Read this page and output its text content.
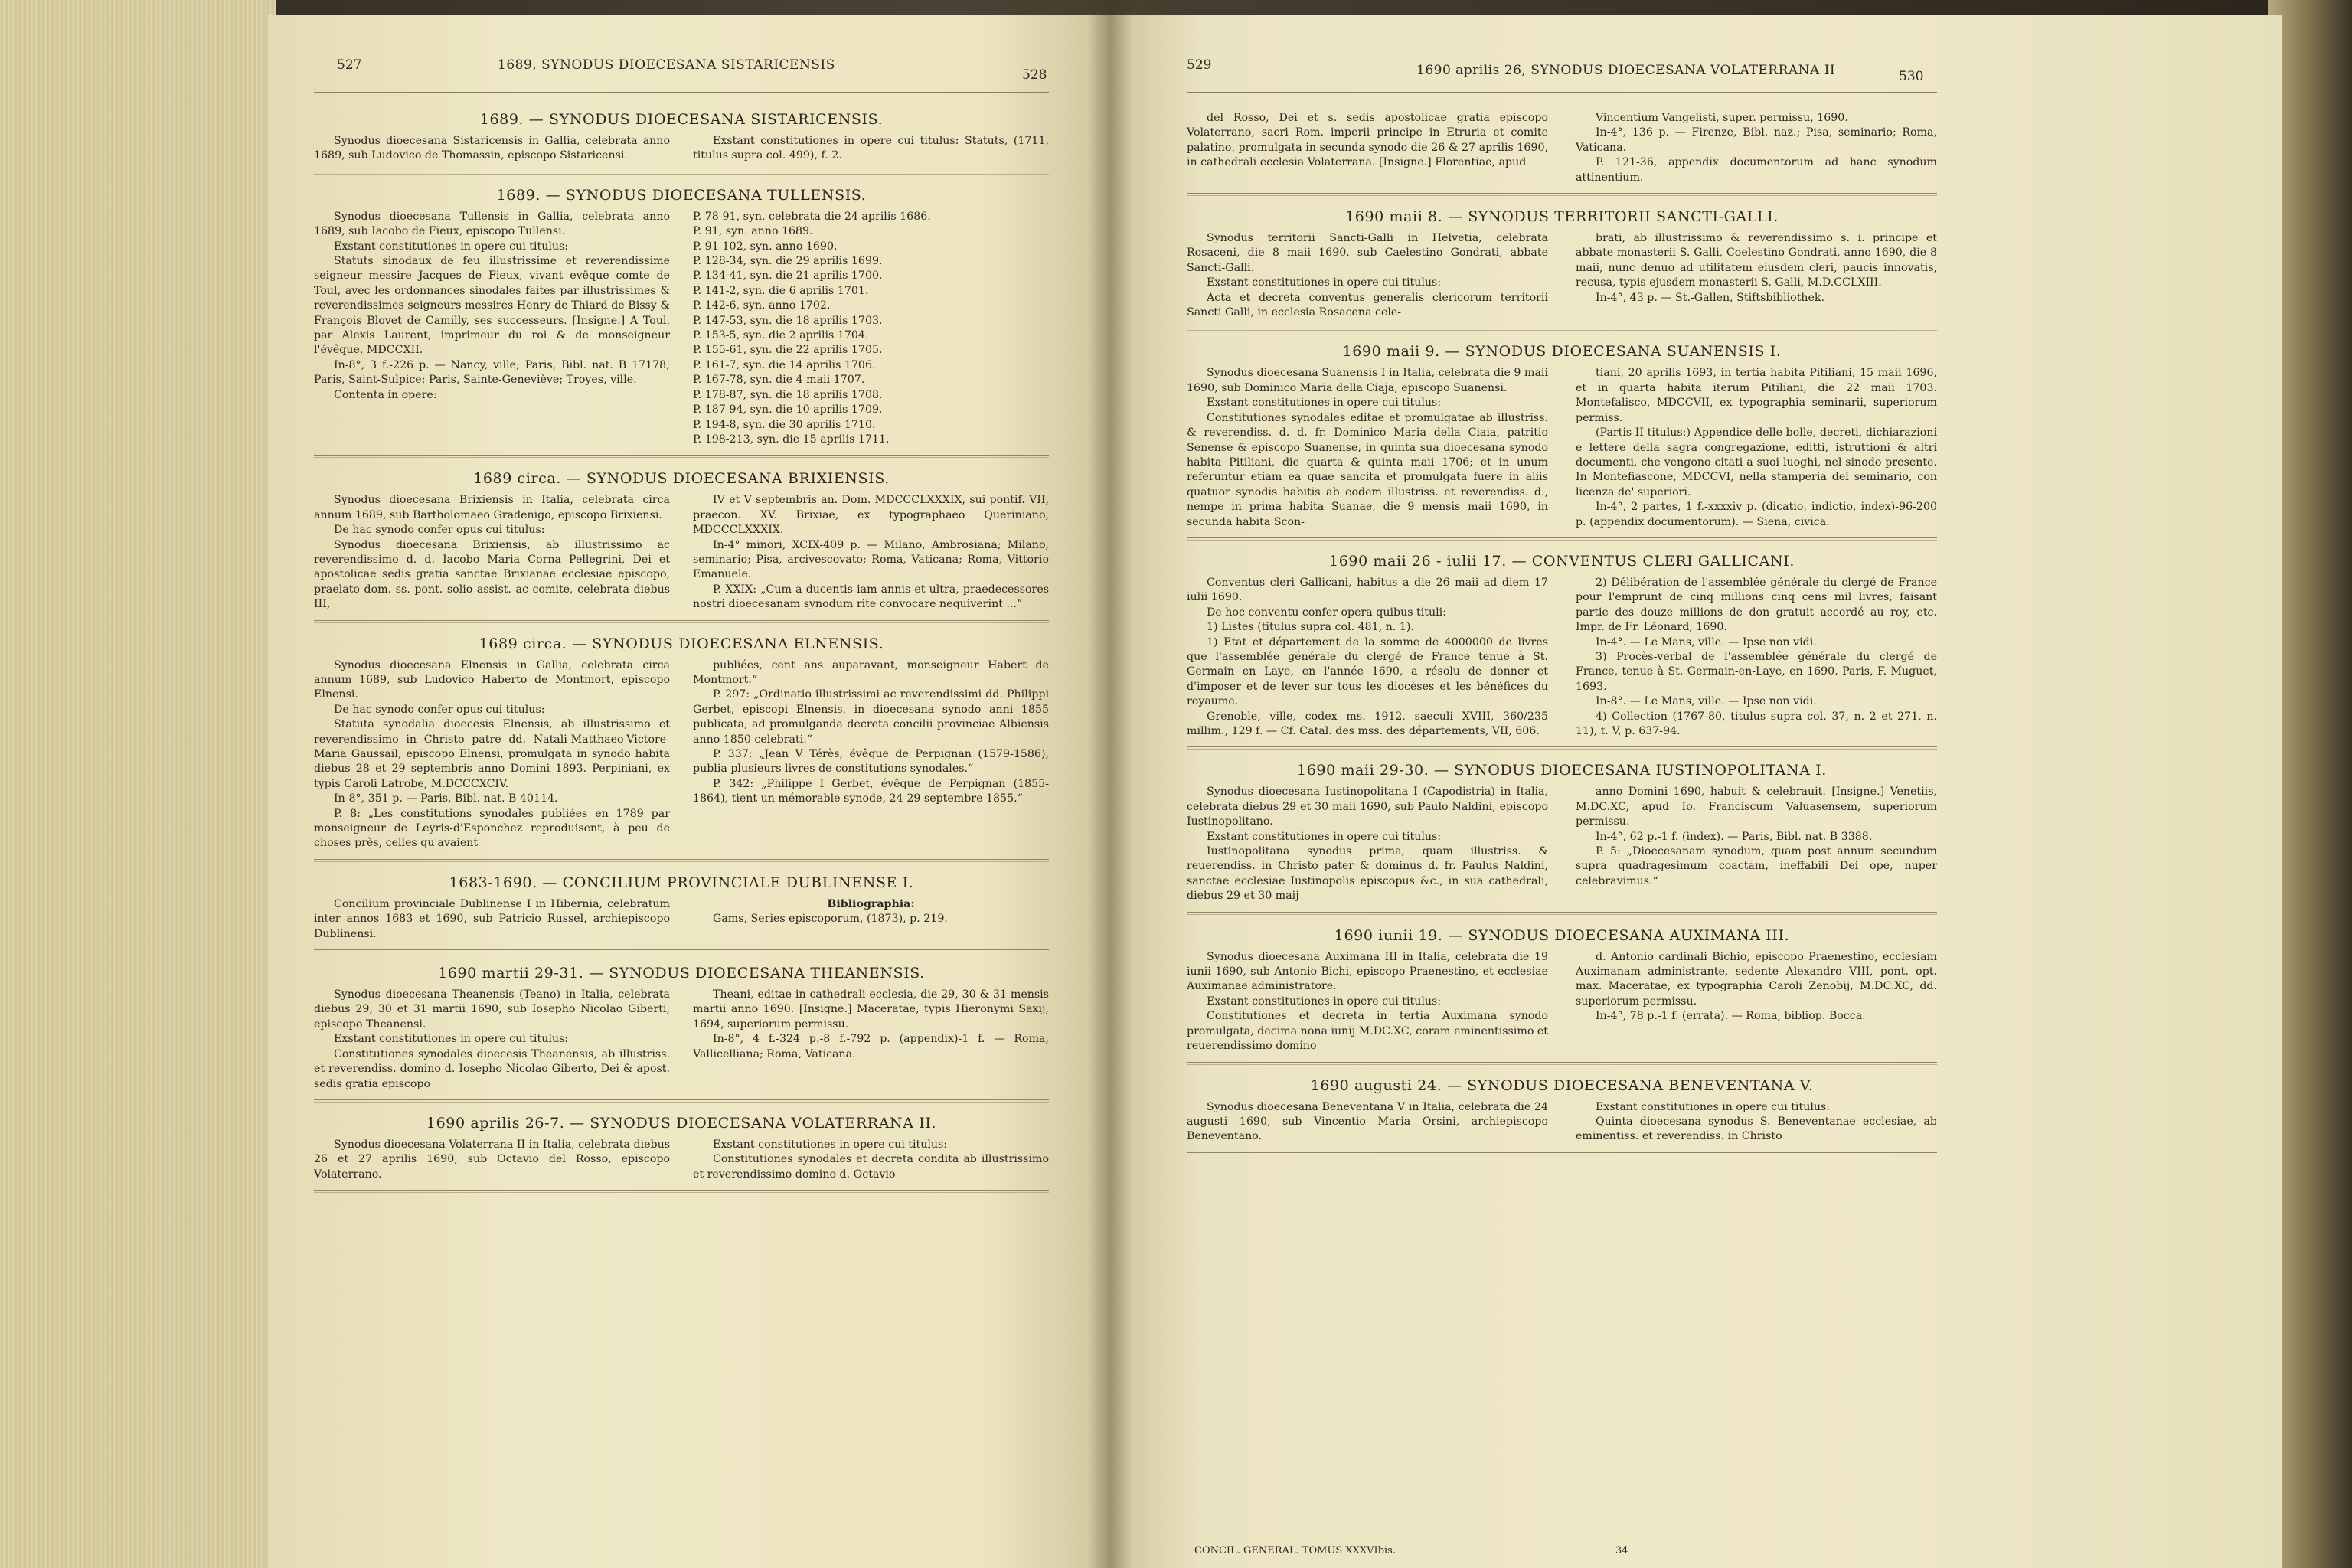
527	1689, SYNODUS DIOECESANA SISTARICENSIS
528
1689. — SYNODUS DIOECESANA SISTARICENSIS.

Synodus dioecesana Sistaricensis in Gallia, celebrata anno 1689, sub Ludovico de Thomassin, episcopo Sistaricensi.

Exstant constitutiones in opere cui titulus: Statuts, (1711, titulus supra col. 499), f. 2.

1689. — SYNODUS DIOECESANA TULLENSIS.

Synodus dioecesana Tullensis in Gallia, celebrata anno 1689, sub Iacobo de Fieux, episcopo Tullensi.

Exstant constitutiones in opere cui titulus:

Statuts sinodaux de feu illustrissime et reverendissime seigneur messire Jacques de Fieux, vivant evêque comte de Toul, avec les ordonnances sinodales faites par illustrissimes & reverendissimes seigneurs messires Henry de Thiard de Bissy & François Blovet de Camilly, ses successeurs. [Insigne.] A Toul, par Alexis Laurent, imprimeur du roi & de monseigneur l'évêque, MDCCXII.

In-8°, 3 f.-226 p. — Nancy, ville; Paris, Bibl. nat. B 17178; Paris, Saint-Sulpice; Paris, Sainte-Geneviève; Troyes, ville.

Contenta in opere:

P. 78-91, syn. celebrata die 24 aprilis 1686.
P. 91, syn. anno 1689.
P. 91-102, syn. anno 1690.
P. 128-34, syn. die 29 aprilis 1699.
P. 134-41, syn. die 21 aprilis 1700.
P. 141-2, syn. die 6 aprilis 1701.
P. 142-6, syn. anno 1702.
P. 147-53, syn. die 18 aprilis 1703.
P. 153-5, syn. die 2 aprilis 1704.
P. 155-61, syn. die 22 aprilis 1705.
P. 161-7, syn. die 14 aprilis 1706.
P. 167-78, syn. die 4 maii 1707.
P. 178-87, syn. die 18 aprilis 1708.
P. 187-94, syn. die 10 aprilis 1709.
P. 194-8, syn. die 30 aprilis 1710.
P. 198-213, syn. die 15 aprilis 1711.

1689 circa. — SYNODUS DIOECESANA BRIXIENSIS.

Synodus dioecesana Brixiensis in Italia, celebrata circa annum 1689, sub Bartholomaeo Gradenigo, episcopo Brixiensi.

De hac synodo confer opus cui titulus:

Synodus dioecesana Brixiensis, ab illustrissimo ac reverendissimo d. d. Iacobo Maria Corna Pellegrini, Dei et apostolicae sedis gratia sanctae Brixianae ecclesiae episcopo, praelato dom. ss. pont. solio assist. ac comite, celebrata diebus III,

IV et V septembris an. Dom. MDCCCLXXXIX, sui pontif. VII, praecon. XV. Brixiae, ex typographaeo Queriniano, MDCCCLXXXIX.

In-4° minori, XCIX-409 p. — Milano, Ambrosiana; Milano, seminario; Pisa, arcivescovato; Roma, Vaticana; Roma, Vittorio Emanuele.

P. XXIX: „Cum a ducentis iam annis et ultra, praedecessores nostri dioecesanam synodum rite convocare nequiverint ...“

1689 circa. — SYNODUS DIOECESANA ELNENSIS.

Synodus dioecesana Elnensis in Gallia, celebrata circa annum 1689, sub Ludovico Haberto de Montmort, episcopo Elnensi.

De hac synodo confer opus cui titulus:

Statuta synodalia dioecesis Elnensis, ab illustrissimo et reverendissimo in Christo patre dd. Natali-Matthaeo-Victore-Maria Gaussail, episcopo Elnensi, promulgata in synodo habita diebus 28 et 29 septembris anno Domini 1893. Perpiniani, ex typis Caroli Latrobe, M.DCCCXCIV.

In-8°, 351 p. — Paris, Bibl. nat. B 40114.

P. 8: „Les constitutions synodales publiées en 1789 par monseigneur de Leyris-d'Esponchez reproduisent, à peu de choses près, celles qu'avaient

publiées, cent ans auparavant, monseigneur Habert de Montmort.“

P. 297: „Ordinatio illustrissimi ac reverendissimi dd. Philippi Gerbet, episcopi Elnensis, in dioecesana synodo anni 1855 publicata, ad promulganda decreta concilii provinciae Albiensis anno 1850 celebrati.“

P. 337: „Jean V Térès, évêque de Perpignan (1579-1586), publia plusieurs livres de constitutions synodales.“

P. 342: „Philippe I Gerbet, évêque de Perpignan (1855-1864), tient un mémorable synode, 24-29 septembre 1855.“

1683-1690. — CONCILIUM PROVINCIALE DUBLINENSE I.

Concilium provinciale Dublinense I in Hibernia, celebratum inter annos 1683 et 1690, sub Patricio Russel, archiepiscopo Dublinensi.

Bibliographia:

Gams, Series episcoporum, (1873), p. 219.

1690 martii 29-31. — SYNODUS DIOECESANA THEANENSIS.

Synodus dioecesana Theanensis (Teano) in Italia, celebrata diebus 29, 30 et 31 martii 1690, sub Iosepho Nicolao Giberti, episcopo Theanensi.

Exstant constitutiones in opere cui titulus:

Constitutiones synodales dioecesis Theanensis, ab illustriss. et reverendiss. domino d. Iosepho Nicolao Giberto, Dei & apost. sedis gratia episcopo

Theani, editae in cathedrali ecclesia, die 29, 30 & 31 mensis martii anno 1690. [Insigne.] Maceratae, typis Hieronymi Saxij, 1694, superiorum permissu.

In-8°, 4 f.-324 p.-8 f.-792 p. (appendix)-1 f. — Roma, Vallicelliana; Roma, Vaticana.

1690 aprilis 26-7. — SYNODUS DIOECESANA VOLATERRANA II.

Synodus dioecesana Volaterrana II in Italia, celebrata diebus 26 et 27 aprilis 1690, sub Octavio del Rosso, episcopo Volaterrano.

Exstant constitutiones in opere cui titulus:

Constitutiones synodales et decreta condita ab illustrissimo et reverendissimo domino d. Octavio

529	1690 aprilis 26, SYNODUS DIOECESANA VOLATERRANA II	530

del Rosso, Dei et s. sedis apostolicae gratia episcopo Volaterrano, sacri Rom. imperii principe in Etruria et comite palatino, promulgata in secunda synodo die 26 & 27 aprilis 1690, in cathedrali ecclesia Volaterrana. [Insigne.] Florentiae, apud

Vincentium Vangelisti, super. permissu, 1690.

In-4°, 136 p. — Firenze, Bibl. naz.; Pisa, seminario; Roma, Vaticana.

P. 121-36, appendix documentorum ad hanc synodum attinentium.

1690 maii 8. — SYNODUS TERRITORII SANCTI-GALLI.

Synodus territorii Sancti-Galli in Helvetia, celebrata Rosaceni, die 8 maii 1690, sub Caelestino Gondrati, abbate Sancti-Galli.

Exstant constitutiones in opere cui titulus:

Acta et decreta conventus generalis clericorum territorii Sancti Galli, in ecclesia Rosacena cele-

brati, ab illustrissimo & reverendissimo s. i. principe et abbate monasterii S. Galli, Coelestino Gondrati, anno 1690, die 8 maii, nunc denuo ad utilitatem eiusdem cleri, paucis innovatis, recusa, typis ejusdem monasterii S. Galli, M.D.CCLXIII.

In-4°, 43 p. — St.-Gallen, Stiftsbibliothek.

1690 maii 9. — SYNODUS DIOECESANA SUANENSIS I.

Synodus dioecesana Suanensis I in Italia, celebrata die 9 maii 1690, sub Dominico Maria della Ciaja, episcopo Suanensi.

Exstant constitutiones in opere cui titulus:

Constitutiones synodales editae et promulgatae ab illustriss. & reverendiss. d. d. fr. Dominico Maria della Ciaia, patritio Senense & episcopo Suanense, in quinta sua dioecesana synodo habita Pitiliani, die quarta & quinta maii 1706; et in unum referuntur etiam ea quae sancita et promulgata fuere in aliis quatuor synodis habitis ab eodem illustriss. et reverendiss. d., nempe in prima habita Suanae, die 9 mensis maii 1690, in secunda habita Scon-

tiani, 20 aprilis 1693, in tertia habita Pitiliani, 15 maii 1696, et in quarta habita iterum Pitiliani, die 22 maii 1703. Montefalisco, MDCCVII, ex typographia seminarii, superiorum permiss.

(Partis II titulus:) Appendice delle bolle, decreti, dichiarazioni e lettere della sagra congregazione, editti, istruttioni & altri documenti, che vengono citati a suoi luoghi, nel sinodo presente. In Montefiascone, MDCCVI, nella stamperia del seminario, con licenza de' superiori.

In-4°, 2 partes, 1 f.-xxxxiv p. (dicatio, indictio, index)-96-200 p. (appendix documentorum). — Siena, civica.

1690 maii 26 - iulii 17. — CONVENTUS CLERI GALLICANI.

Conventus cleri Gallicani, habitus a die 26 maii ad diem 17 iulii 1690.

De hoc conventu confer opera quibus tituli:

1) Listes (titulus supra col. 481, n. 1).

1) Etat et département de la somme de 4000000 de livres que l'assemblée générale du clergé de France tenue à St. Germain en Laye, en l'année 1690, a résolu de donner et d'imposer et de lever sur tous les diocèses et les bénéfices du royaume.

Grenoble, ville, codex ms. 1912, saeculi XVIII, 360/235 millim., 129 f. — Cf. Catal. des mss. des départements, VII, 606.

2) Délibération de l'assemblée générale du clergé de France pour l'emprunt de cinq millions cinq cens mil livres, faisant partie des douze millions de don gratuit accordé au roy, etc. Impr. de Fr. Léonard, 1690.

In-4°. — Le Mans, ville. — Ipse non vidi.

3) Procès-verbal de l'assemblée générale du clergé de France, tenue à St. Germain-en-Laye, en 1690. Paris, F. Muguet, 1693.

In-8°. — Le Mans, ville. — Ipse non vidi.

4) Collection (1767-80, titulus supra col. 37, n. 2 et 271, n. 11), t. V, p. 637-94.

1690 maii 29-30. — SYNODUS DIOECESANA IUSTINOPOLITANA I.

Synodus dioecesana Iustinopolitana I (Capodistria) in Italia, celebrata diebus 29 et 30 maii 1690, sub Paulo Naldini, episcopo Iustinopolitano.

Exstant constitutiones in opere cui titulus:

Iustinopolitana synodus prima, quam illustriss. & reuerendiss. in Christo pater & dominus d. fr. Paulus Naldini, sanctae ecclesiae Iustinopolis episcopus &c., in sua cathedrali, diebus 29 et 30 maij

anno Domini 1690, habuit & celebrauit. [Insigne.] Venetiis, M.DC.XC, apud Io. Franciscum Valuasensem, superiorum permissu.

In-4°, 62 p.-1 f. (index). — Paris, Bibl. nat. B 3388.

P. 5: „Dioecesanam synodum, quam post annum secundum supra quadragesimum coactam, ineffabili Dei ope, nuper celebravimus.“

1690 iunii 19. — SYNODUS DIOECESANA AUXIMANA III.

Synodus dioecesana Auximana III in Italia, celebrata die 19 iunii 1690, sub Antonio Bichi, episcopo Praenestino, et ecclesiae Auximanae administratore.

Exstant constitutiones in opere cui titulus:

Constitutiones et decreta in tertia Auximana synodo promulgata, decima nona iunij M.DC.XC, coram eminentissimo et reuerendissimo domino

d. Antonio cardinali Bichio, episcopo Praenestino, ecclesiam Auximanam administrante, sedente Alexandro VIII, pont. opt. max. Maceratae, ex typographia Caroli Zenobij, M.DC.XC, dd. superiorum permissu.

In-4°, 78 p.-1 f. (errata). — Roma, bibliop. Bocca.

1690 augusti 24. — SYNODUS DIOECESANA BENEVENTANA V.

Synodus dioecesana Beneventana V in Italia, celebrata die 24 augusti 1690, sub Vincentio Maria Orsini, archiepiscopo Beneventano.

Exstant constitutiones in opere cui titulus:

Quinta dioecesana synodus S. Beneventanae ecclesiae, ab eminentiss. et reverendiss. in Christo

CONCIL. GENERAL. TOMUS XXXVIbis.	34
